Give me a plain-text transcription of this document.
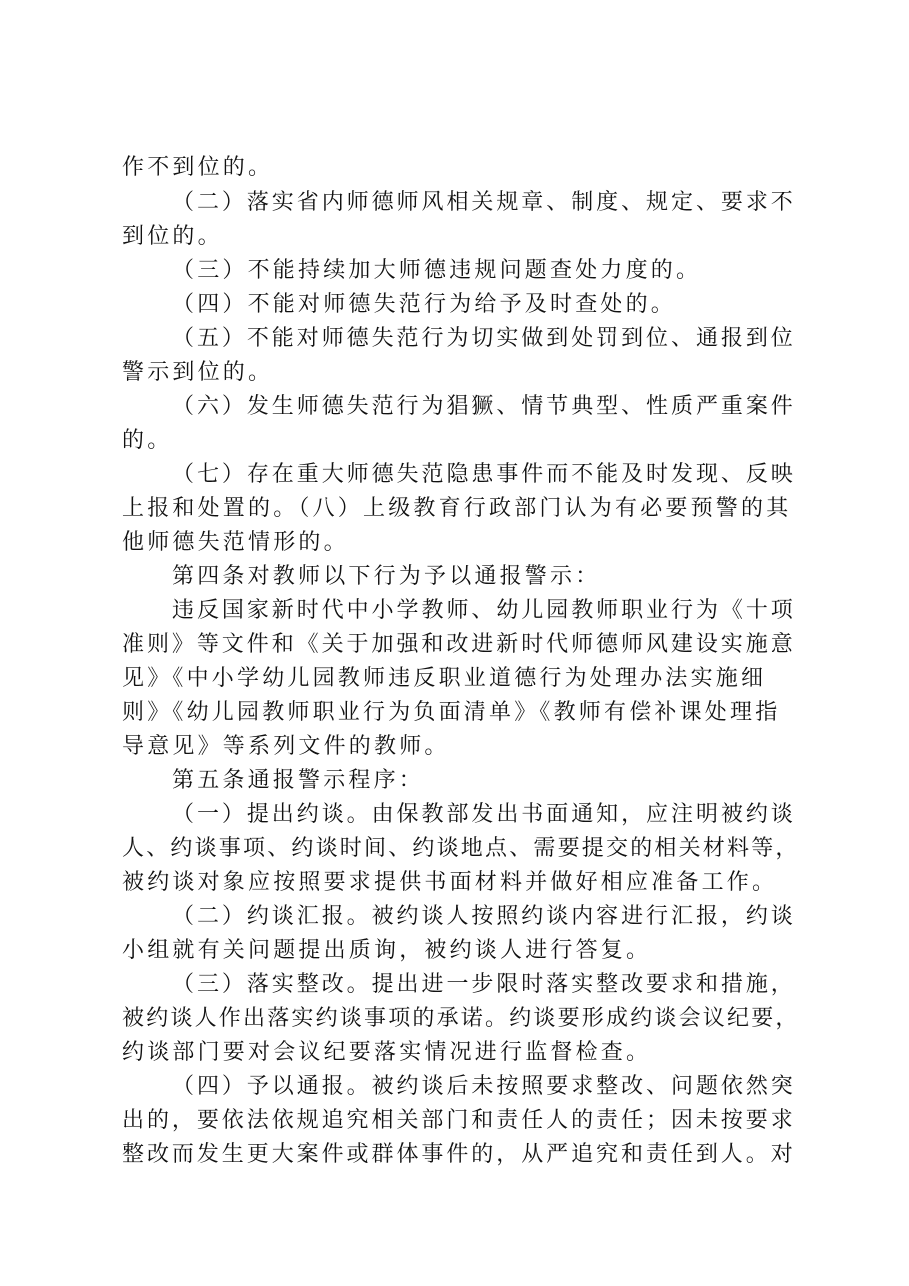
作不到位的。
（二）落实省内师德师风相关规章、制度、规定、要求不
到位的。
（三）不能持续加大师德违规问题查处力度的。
（四）不能对师德失范行为给予及时查处的。
（五）不能对师德失范行为切实做到处罚到位、通报到位
警示到位的。
（六）发生师德失范行为猖獗、情节典型、性质严重案件
的。
（七）存在重大师德失范隐患事件而不能及时发现、反映
上报和处置的。（八）上级教育行政部门认为有必要预警的其
他师德失范情形的。
第四条对教师以下行为予以通报警示：
违反国家新时代中小学教师、幼儿园教师职业行为《十项
准则》等文件和《关于加强和改进新时代师德师风建设实施意
见》《中小学幼儿园教师违反职业道德行为处理办法实施细
则》《幼儿园教师职业行为负面清单》《教师有偿补课处理指
导意见》等系列文件的教师。
第五条通报警示程序：
（一）提出约谈。由保教部发出书面通知，应注明被约谈
人、约谈事项、约谈时间、约谈地点、需要提交的相关材料等，
被约谈对象应按照要求提供书面材料并做好相应准备工作。
（二）约谈汇报。被约谈人按照约谈内容进行汇报，约谈
小组就有关问题提出质询，被约谈人进行答复。
（三）落实整改。提出进一步限时落实整改要求和措施，
被约谈人作出落实约谈事项的承诺。约谈要形成约谈会议纪要，
约谈部门要对会议纪要落实情况进行监督检查。
（四）予以通报。被约谈后未按照要求整改、问题依然突
出的，要依法依规追究相关部门和责任人的责任；因未按要求
整改而发生更大案件或群体事件的，从严追究和责任到人。对
